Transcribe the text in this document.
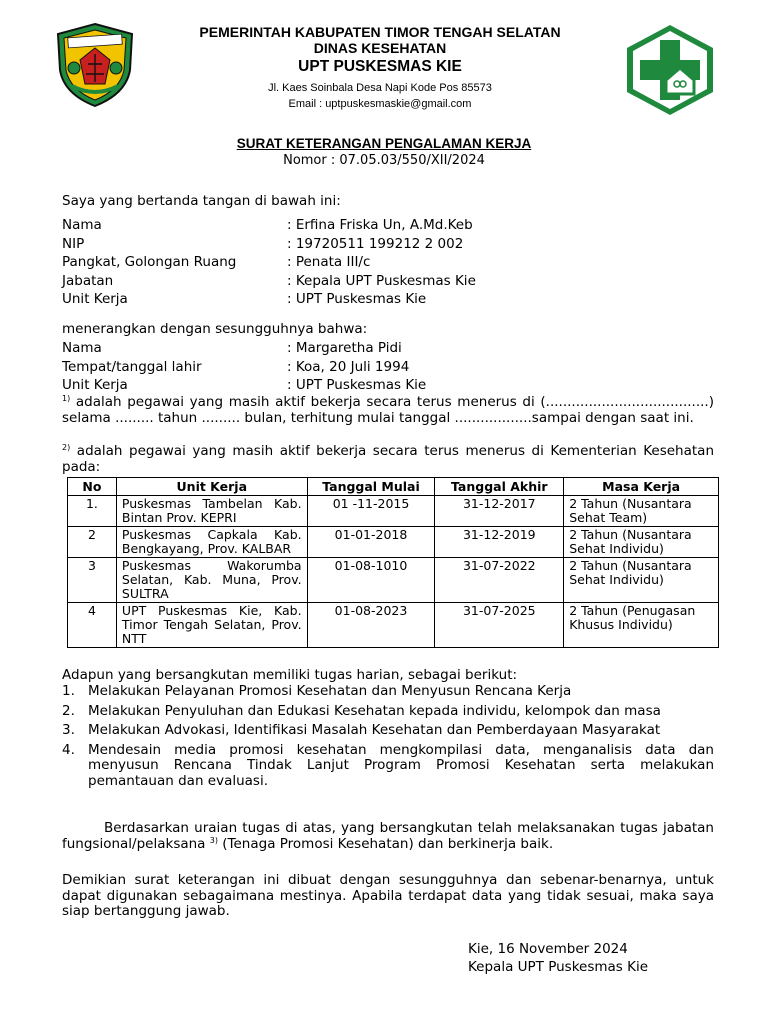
PEMERINTAH KABUPATEN TIMOR TENGAH SELATAN
DINAS KESEHATAN
UPT PUSKESMAS KIE
Jl. Kaes Soinbala Desa Napi Kode Pos 85573
Email : uptpuskesmaskie@gmail.com
SURAT KETERANGAN PENGALAMAN KERJA
Nomor : 07.05.03/550/XII/2024
Saya yang bertanda tangan di bawah ini:
Nama	: Erfina Friska Un, A.Md.Keb
NIP	: 19720511 199212 2 002
Pangkat, Golongan Ruang	: Penata III/c
Jabatan	: Kepala UPT Puskesmas Kie
Unit Kerja	: UPT Puskesmas Kie
menerangkan dengan sesungguhnya bahwa:
Nama	: Margaretha Pidi
Tempat/tanggal lahir	: Koa, 20 Juli 1994
Unit Kerja	: UPT Puskesmas Kie
$^{1)}$ adalah pegawai yang masih aktif bekerja secara terus menerus di (......................................) selama ......... tahun ......... bulan, terhitung mulai tanggal ..................sampai dengan saat ini.
$^{2)}$ adalah pegawai yang masih aktif bekerja secara terus menerus di Kementerian Kesehatan pada:
No	Unit Kerja	Tanggal Mulai	Tanggal Akhir	Masa Kerja
1.	Puskesmas Tambelan Kab. Bintan Prov. KEPRI	01 -11-2015	31-12-2017	2 Tahun (Nusantara Sehat Team)
2	Puskesmas Capkala Kab. Bengkayang, Prov. KALBAR	01-01-2018	31-12-2019	2 Tahun (Nusantara Sehat Individu)
3	Puskesmas Wakorumba Selatan, Kab. Muna, Prov. SULTRA	01-08-1010	31-07-2022	2 Tahun (Nusantara Sehat Individu)
4	UPT Puskesmas Kie, Kab. Timor Tengah Selatan, Prov. NTT	01-08-2023	31-07-2025	2 Tahun (Penugasan Khusus Individu)
Adapun yang bersangkutan memiliki tugas harian, sebagai berikut:
1. Melakukan Pelayanan Promosi Kesehatan dan Menyusun Rencana Kerja
2. Melakukan Penyuluhan dan Edukasi Kesehatan kepada individu, kelompok dan masa
3. Melakukan Advokasi, Identifikasi Masalah Kesehatan dan Pemberdayaan Masyarakat
4. Mendesain media promosi kesehatan mengkompilasi data, menganalisis data dan menyusun Rencana Tindak Lanjut Program Promosi Kesehatan serta melakukan pemantauan dan evaluasi.
Berdasarkan uraian tugas di atas, yang bersangkutan telah melaksanakan tugas jabatan fungsional/pelaksana $^{3)}$ (Tenaga Promosi Kesehatan) dan berkinerja baik.
Demikian surat keterangan ini dibuat dengan sesungguhnya dan sebenar-benarnya, untuk dapat digunakan sebagaimana mestinya. Apabila terdapat data yang tidak sesuai, maka saya siap bertanggung jawab.
Kie, 16 November 2024
Kepala UPT Puskesmas Kie
